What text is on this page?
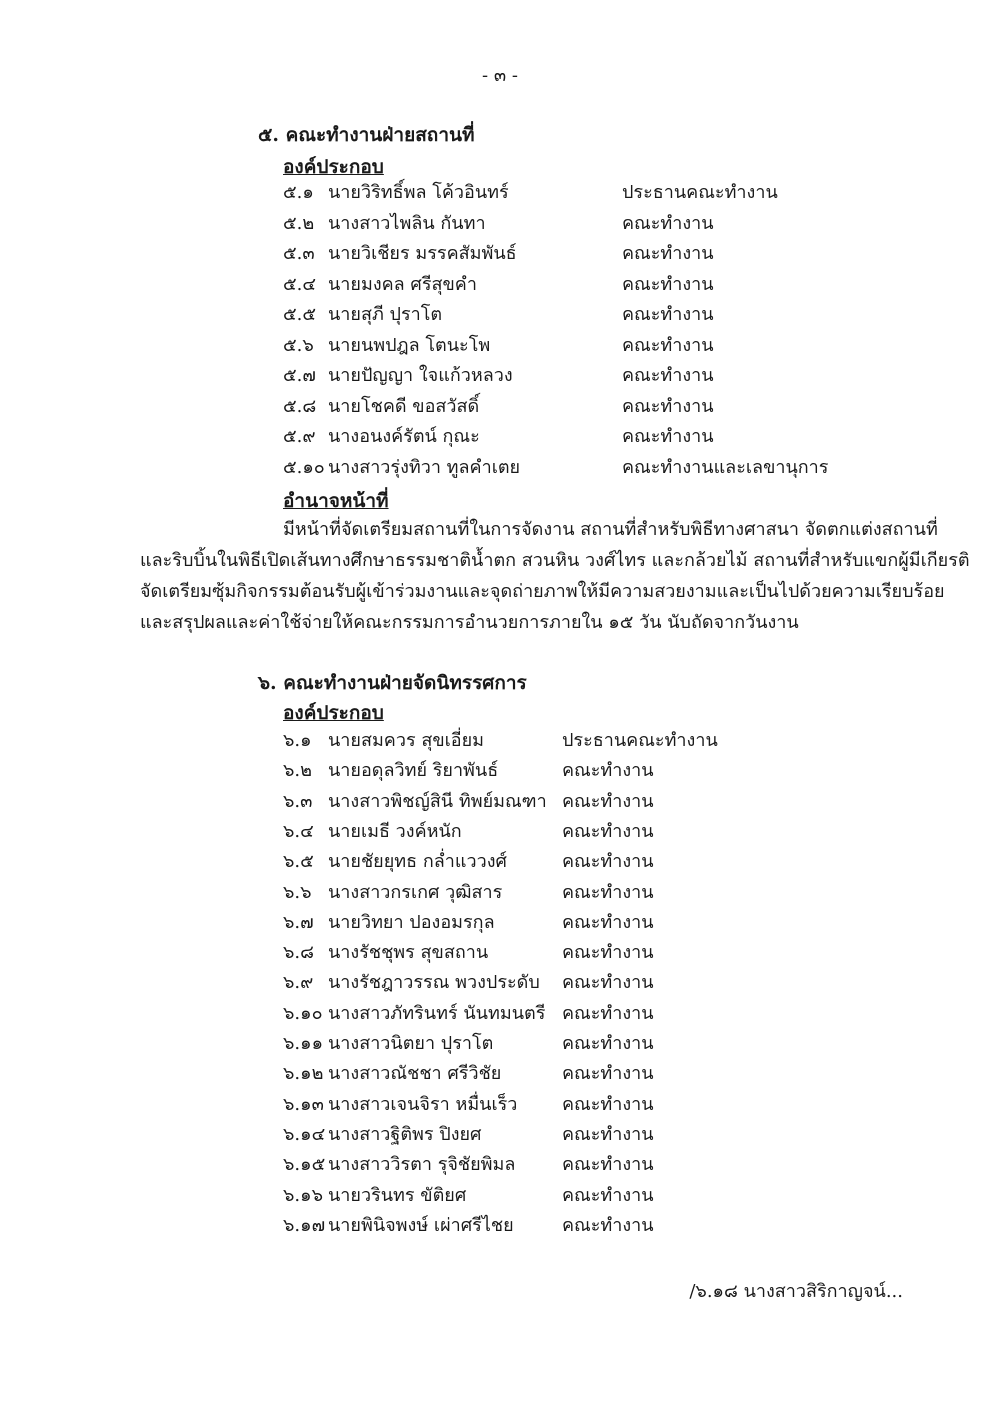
- ๓ -
๕. คณะทำงานฝ่ายสถานที่
องค์ประกอบ
๕.๑ นายวิริทธิ์พล โค้วอินทร์	ประธานคณะทำงาน
๕.๒ นางสาวไพลิน กันทา	คณะทำงาน
๕.๓ นายวิเชียร มรรคสัมพันธ์	คณะทำงาน
๕.๔ นายมงคล ศรีสุขคำ	คณะทำงาน
๕.๕ นายสุภี ปุราโต	คณะทำงาน
๕.๖ นายนพปฎล โตนะโพ	คณะทำงาน
๕.๗ นายปัญญา ใจแก้วหลวง	คณะทำงาน
๕.๘ นายโชคดี ขอสวัสดิ์	คณะทำงาน
๕.๙ นางอนงค์รัตน์ กุณะ	คณะทำงาน
๕.๑๐ นางสาวรุ่งทิวา ทูลคำเตย	คณะทำงานและเลขานุการ
อำนาจหน้าที่
มีหน้าที่จัดเตรียมสถานที่ในการจัดงาน สถานที่สำหรับพิธีทางศาสนา จัดตกแต่งสถานที่
และริบบิ้นในพิธีเปิดเส้นทางศึกษาธรรมชาติน้ำตก สวนหิน วงศ์ไทร และกล้วยไม้ สถานที่สำหรับแขกผู้มีเกียรติ
จัดเตรียมซุ้มกิจกรรมต้อนรับผู้เข้าร่วมงานและจุดถ่ายภาพให้มีความสวยงามและเป็นไปด้วยความเรียบร้อย
และสรุปผลและค่าใช้จ่ายให้คณะกรรมการอำนวยการภายใน ๑๕ วัน นับถัดจากวันงาน
๖. คณะทำงานฝ่ายจัดนิทรรศการ
องค์ประกอบ
๖.๑ นายสมควร สุขเอี่ยม	ประธานคณะทำงาน
๖.๒ นายอดุลวิทย์ ริยาพันธ์	คณะทำงาน
๖.๓ นางสาวพิชญ์สินี ทิพย์มณฑา คณะทำงาน
๖.๔ นายเมธี วงค์หนัก	คณะทำงาน
๖.๕ นายชัยยุทธ กล่ำแววงศ์	คณะทำงาน
๖.๖ นางสาวกรเกศ วุฒิสาร	คณะทำงาน
๖.๗ นายวิทยา ปองอมรกุล	คณะทำงาน
๖.๘ นางรัชชุพร สุขสถาน	คณะทำงาน
๖.๙ นางรัชฎาวรรณ พวงประดับ คณะทำงาน
๖.๑๐ นางสาวภัทรินทร์ นันทมนตรี คณะทำงาน
๖.๑๑ นางสาวนิตยา ปุราโต	คณะทำงาน
๖.๑๒ นางสาวณัชชา ศรีวิชัย	คณะทำงาน
๖.๑๓ นางสาวเจนจิรา หมื่นเร็ว คณะทำงาน
๖.๑๔ นางสาวฐิติพร ปิงยศ	คณะทำงาน
๖.๑๕ นางสาววิรตา รุจิชัยพิมล	คณะทำงาน
๖.๑๖ นายวรินทร ขัติยศ	คณะทำงาน
๖.๑๗ นายพินิจพงษ์ เผ่าศรีไชย	คณะทำงาน
/๖.๑๘ นางสาวสิริกาญจน์...
